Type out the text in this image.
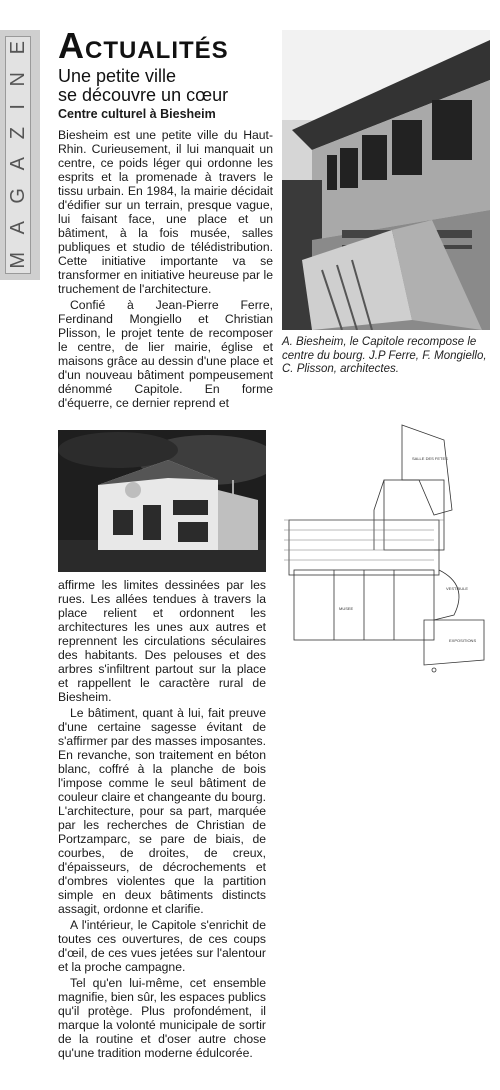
E
N
I
Z
A
G
A
M
ACTUALITÉS
Une petite ville
se découvre un cœur
Centre culturel à Biesheim

Biesheim est une petite ville du Haut-Rhin. Curieusement, il lui manquait un centre, ce poids léger qui ordonne les esprits et la promenade à travers le tissu urbain. En 1984, la mairie décidait d'édifier sur un terrain, presque vague, lui faisant face, une place et un bâtiment, à la fois musée, salles publiques et studio de télédistribution. Cette initiative importante va se transformer en initiative heureuse par le truchement de l'architecture.

Confié à Jean-Pierre Ferre, Ferdinand Mongiello et Christian Plisson, le projet tente de recomposer le centre, de lier mairie, église et maisons grâce au dessin d'une place et d'un nouveau bâtiment pompeusement dénommé Capitole. En forme d'équerre, ce dernier reprend et

A. Biesheim, le Capitole recompose le centre du bourg. J.P Ferre, F. Mongiello, C. Plisson, architectes.

affirme les limites dessinées par les rues. Les allées tendues à travers la place relient et ordonnent les architectures les unes aux autres et reprennent les circulations séculaires des habitants. Des pelouses et des arbres s'infiltrent partout sur la place et rappellent le caractère rural de Biesheim.

Le bâtiment, quant à lui, fait preuve d'une certaine sagesse évitant de s'affirmer par des masses imposantes. En revanche, son traitement en béton blanc, coffré à la planche de bois l'impose comme le seul bâtiment de couleur claire et changeante du bourg. L'architecture, pour sa part, marquée par les recherches de Christian de Portzamparc, se pare de biais, de courbes, de droites, de creux, d'épaisseurs, de décrochements et d'ombres violentes que la partition simple en deux bâtiments distincts assagit, ordonne et clarifie.

A l'intérieur, le Capitole s'enrichit de toutes ces ouvertures, de ces coups d'œil, de ces vues jetées sur l'alentour et la proche campagne.

Tel qu'en lui-même, cet ensemble magnifie, bien sûr, les espaces publics qu'il protège. Plus profondément, il marque la volonté municipale de sortir de la routine et d'oser autre chose qu'une tradition moderne édulcorée.

SALLE DES FETES
MUSEE
VESTIBULE
EXPOSITIONS
